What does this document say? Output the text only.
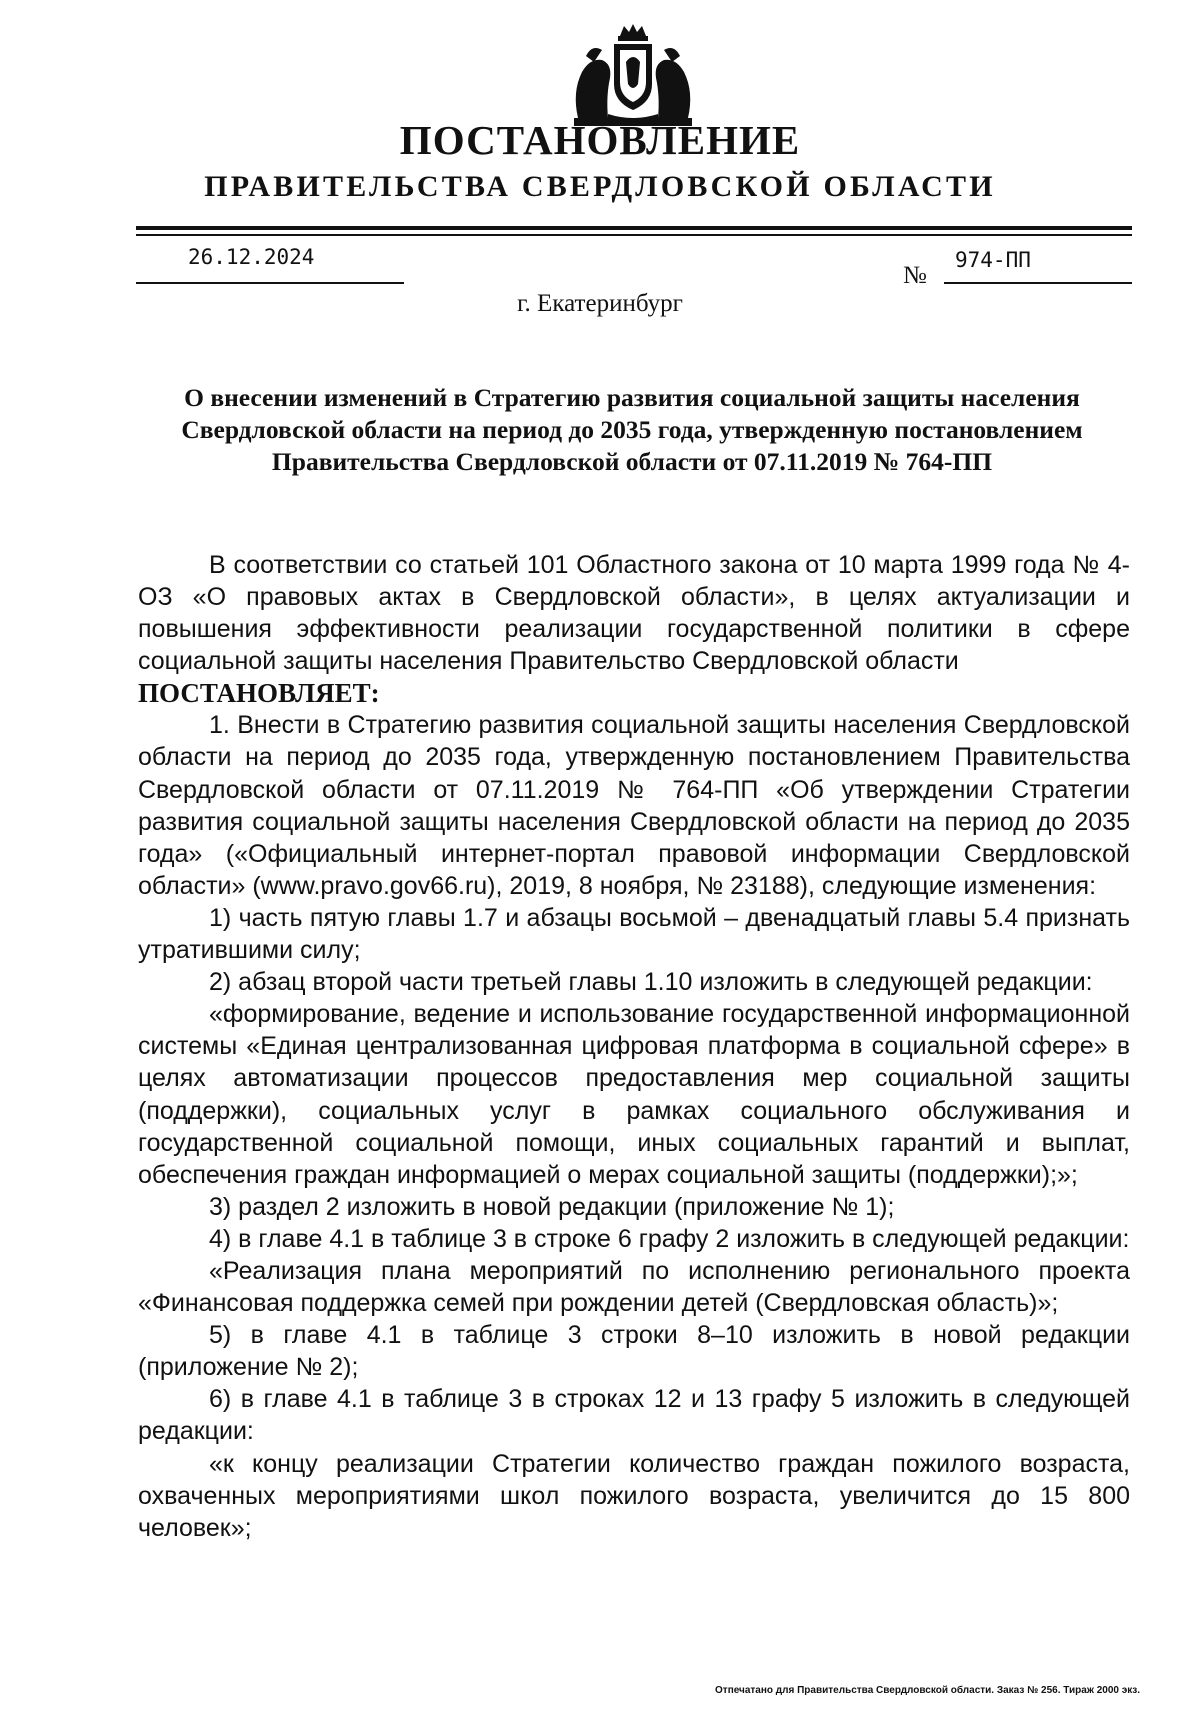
ПОСТАНОВЛЕНИЕ
ПРАВИТЕЛЬСТВА СВЕРДЛОВСКОЙ ОБЛАСТИ
26.12.2024
№
974-ПП
г. Екатеринбург
О внесении изменений в Стратегию развития социальной защиты населения
Свердловской области на период до 2035 года, утвержденную постановлением
Правительства Свердловской области от 07.11.2019 № 764-ПП

В соответствии со статьей 101 Областного закона от 10 марта 1999 года № 4-ОЗ «О правовых актах в Свердловской области», в целях актуализации и повышения эффективности реализации государственной политики в сфере социальной защиты населения Правительство Свердловской области

ПОСТАНОВЛЯЕТ:

1. Внести в Стратегию развития социальной защиты населения Свердловской области на период до 2035 года, утвержденную постановлением Правительства Свердловской области от 07.11.2019 № 764-ПП «Об утверждении Стратегии развития социальной защиты населения Свердловской области на период до 2035 года» («Официальный интернет-портал правовой информации Свердловской области» (www.pravo.gov66.ru), 2019, 8 ноября, № 23188), следующие изменения:

1) часть пятую главы 1.7 и абзацы восьмой – двенадцатый главы 5.4 признать утратившими силу;

2) абзац второй части третьей главы 1.10 изложить в следующей редакции:

«формирование, ведение и использование государственной информационной системы «Единая централизованная цифровая платформа в социальной сфере» в целях автоматизации процессов предоставления мер социальной защиты (поддержки), социальных услуг в рамках социального обслуживания и государственной социальной помощи, иных социальных гарантий и выплат, обеспечения граждан информацией о мерах социальной защиты (поддержки);»;

3) раздел 2 изложить в новой редакции (приложение № 1);

4) в главе 4.1 в таблице 3 в строке 6 графу 2 изложить в следующей редакции:

«Реализация плана мероприятий по исполнению регионального проекта «Финансовая поддержка семей при рождении детей (Свердловская область)»;

5) в главе 4.1 в таблице 3 строки 8–10 изложить в новой редакции (приложение № 2);

6) в главе 4.1 в таблице 3 в строках 12 и 13 графу 5 изложить в следующей редакции:

«к концу реализации Стратегии количество граждан пожилого возраста, охваченных мероприятиями школ пожилого возраста, увеличится до 15 800 человек»;

Отпечатано для Правительства Свердловской области. Заказ № 256. Тираж 2000 экз.
